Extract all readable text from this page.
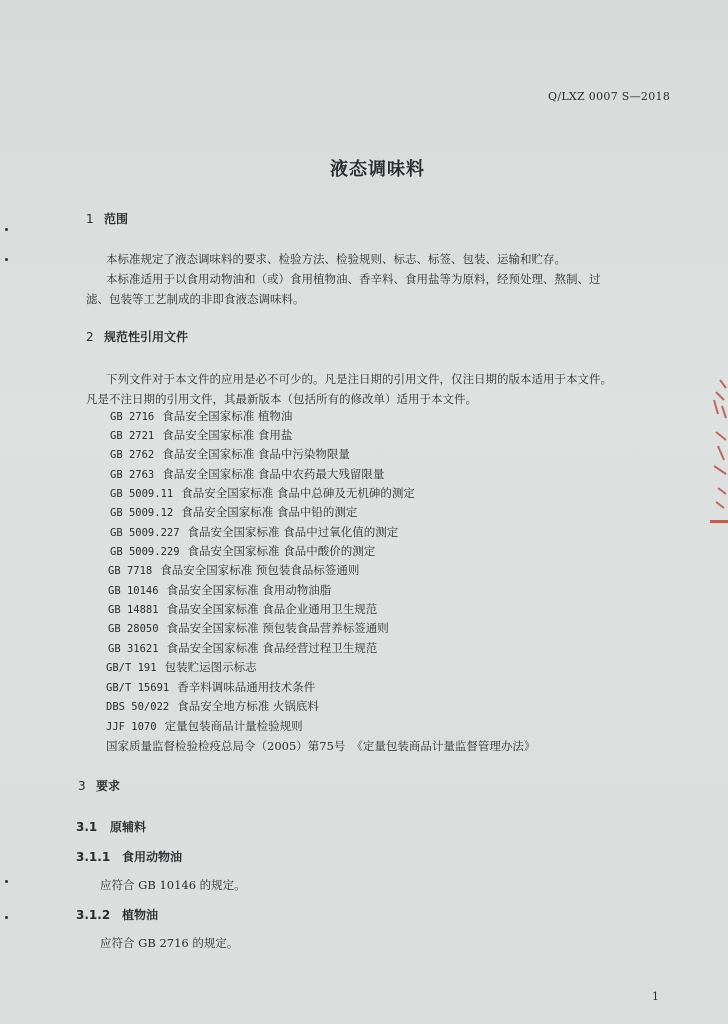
Q/LXZ 0007 S—2018
液态调味料
1 范围
本标准规定了液态调味料的要求、检验方法、检验规则、标志、标签、包装、运输和贮存。
本标准适用于以食用动物油和（或）食用植物油、香辛料、食用盐等为原料，经预处理、熬制、过
滤、包装等工艺制成的非即食液态调味料。
2 规范性引用文件
下列文件对于本文件的应用是必不可少的。凡是注日期的引用文件，仅注日期的版本适用于本文件。
凡是不注日期的引用文件，其最新版本（包括所有的修改单）适用于本文件。
GB 2716 食品安全国家标准 植物油
GB 2721 食品安全国家标准 食用盐
GB 2762 食品安全国家标准 食品中污染物限量
GB 2763 食品安全国家标准 食品中农药最大残留限量
GB 5009.11 食品安全国家标准 食品中总砷及无机砷的测定
GB 5009.12 食品安全国家标准 食品中铅的测定
GB 5009.227 食品安全国家标准 食品中过氧化值的测定
GB 5009.229 食品安全国家标准 食品中酸价的测定
GB 7718 食品安全国家标准 预包装食品标签通则
GB 10146 食品安全国家标准 食用动物油脂
GB 14881 食品安全国家标准 食品企业通用卫生规范
GB 28050 食品安全国家标准 预包装食品营养标签通则
GB 31621 食品安全国家标准 食品经营过程卫生规范
GB/T 191 包装贮运图示标志
GB/T 15691 香辛料调味品通用技术条件
DBS 50/022 食品安全地方标准 火锅底料
JJF 1070 定量包装商品计量检验规则
国家质量监督检验检疫总局令（2005）第75号 《定量包装商品计量监督管理办法》
3 要求
3.1 原辅料
3.1.1 食用动物油
应符合 GB 10146 的规定。
3.1.2 植物油
应符合 GB 2716 的规定。
1
